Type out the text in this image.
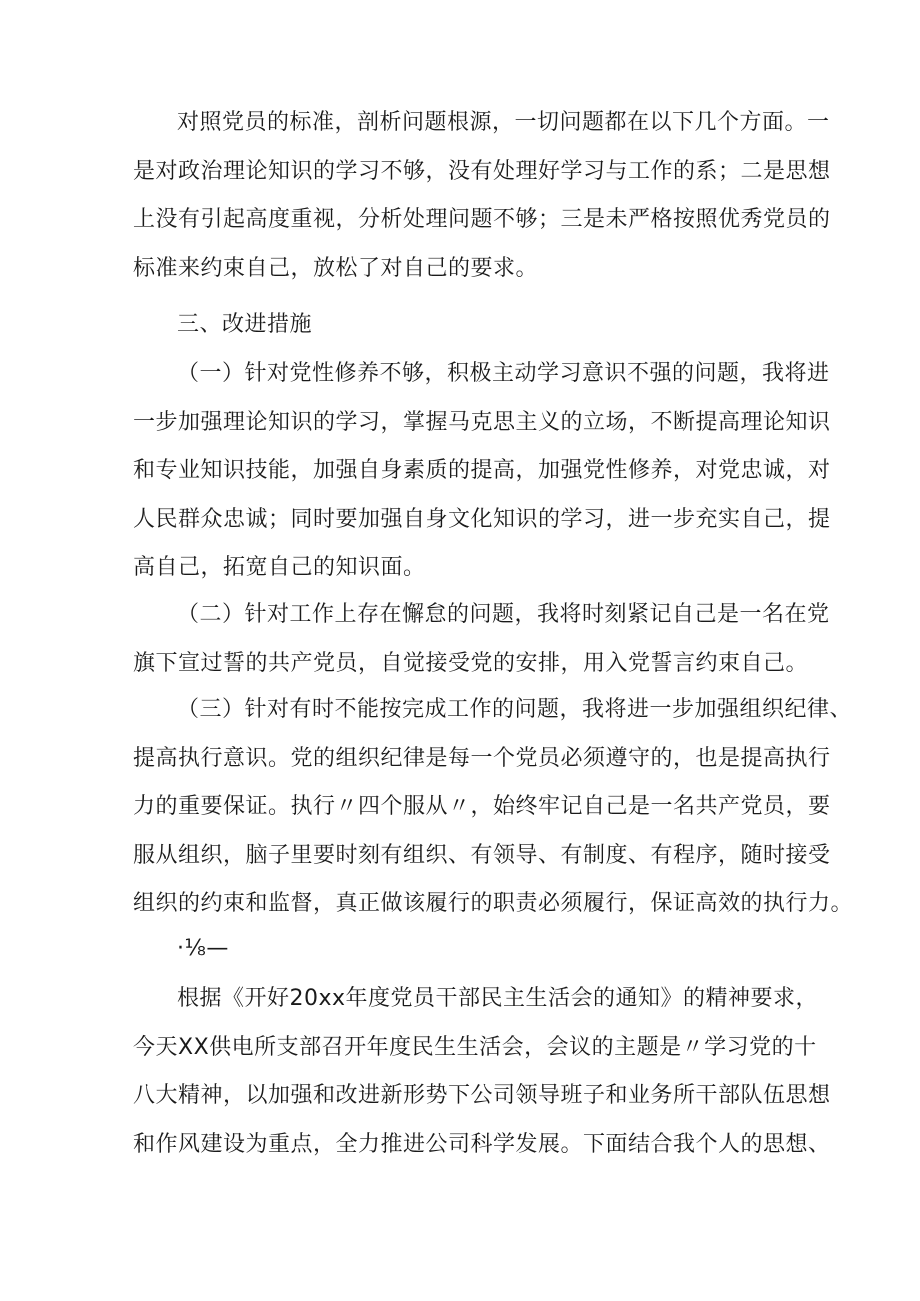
对照党员的标准，剖析问题根源，一切问题都在以下几个方面。一
是对政治理论知识的学习不够，没有处理好学习与工作的系；二是思想
上没有引起高度重视，分析处理问题不够；三是未严格按照优秀党员的
标准来约束自己，放松了对自己的要求。
三、改进措施
（一）针对党性修养不够，积极主动学习意识不强的问题，我将进
一步加强理论知识的学习，掌握马克思主义的立场，不断提高理论知识
和专业知识技能，加强自身素质的提高，加强党性修养，对党忠诚，对
人民群众忠诚；同时要加强自身文化知识的学习，进一步充实自己，提
高自己，拓宽自己的知识面。
（二）针对工作上存在懈怠的问题，我将时刻紧记自己是一名在党
旗下宣过誓的共产党员，自觉接受党的安排，用入党誓言约束自己。
（三）针对有时不能按完成工作的问题，我将进一步加强组织纪律、
提高执行意识。党的组织纪律是每一个党员必须遵守的，也是提高执行
力的重要保证。执行〃四个服从〃，始终牢记自己是一名共产党员，要
服从组织，脑子里要时刻有组织、有领导、有制度、有程序，随时接受
组织的约束和监督，真正做该履行的职责必须履行，保证高效的执行力。
·⅛—
根据《开好20xx年度党员干部民主生活会的通知》的精神要求，
今天XX供电所支部召开年度民生生活会，会议的主题是〃学习党的十
八大精神，以加强和改进新形势下公司领导班子和业务所干部队伍思想
和作风建设为重点，全力推进公司科学发展。下面结合我个人的思想、
